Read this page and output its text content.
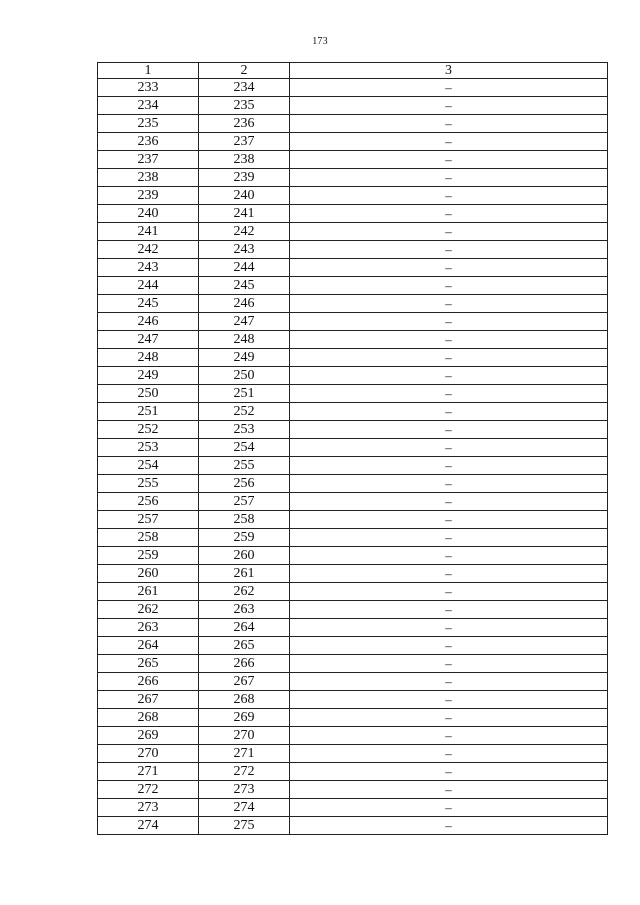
173
1	2	3
233	234	–
234	235	–
235	236	–
236	237	–
237	238	–
238	239	–
239	240	–
240	241	–
241	242	–
242	243	–
243	244	–
244	245	–
245	246	–
246	247	–
247	248	–
248	249	–
249	250	–
250	251	–
251	252	–
252	253	–
253	254	–
254	255	–
255	256	–
256	257	–
257	258	–
258	259	–
259	260	–
260	261	–
261	262	–
262	263	–
263	264	–
264	265	–
265	266	–
266	267	–
267	268	–
268	269	–
269	270	–
270	271	–
271	272	–
272	273	–
273	274	–
274	275	–
